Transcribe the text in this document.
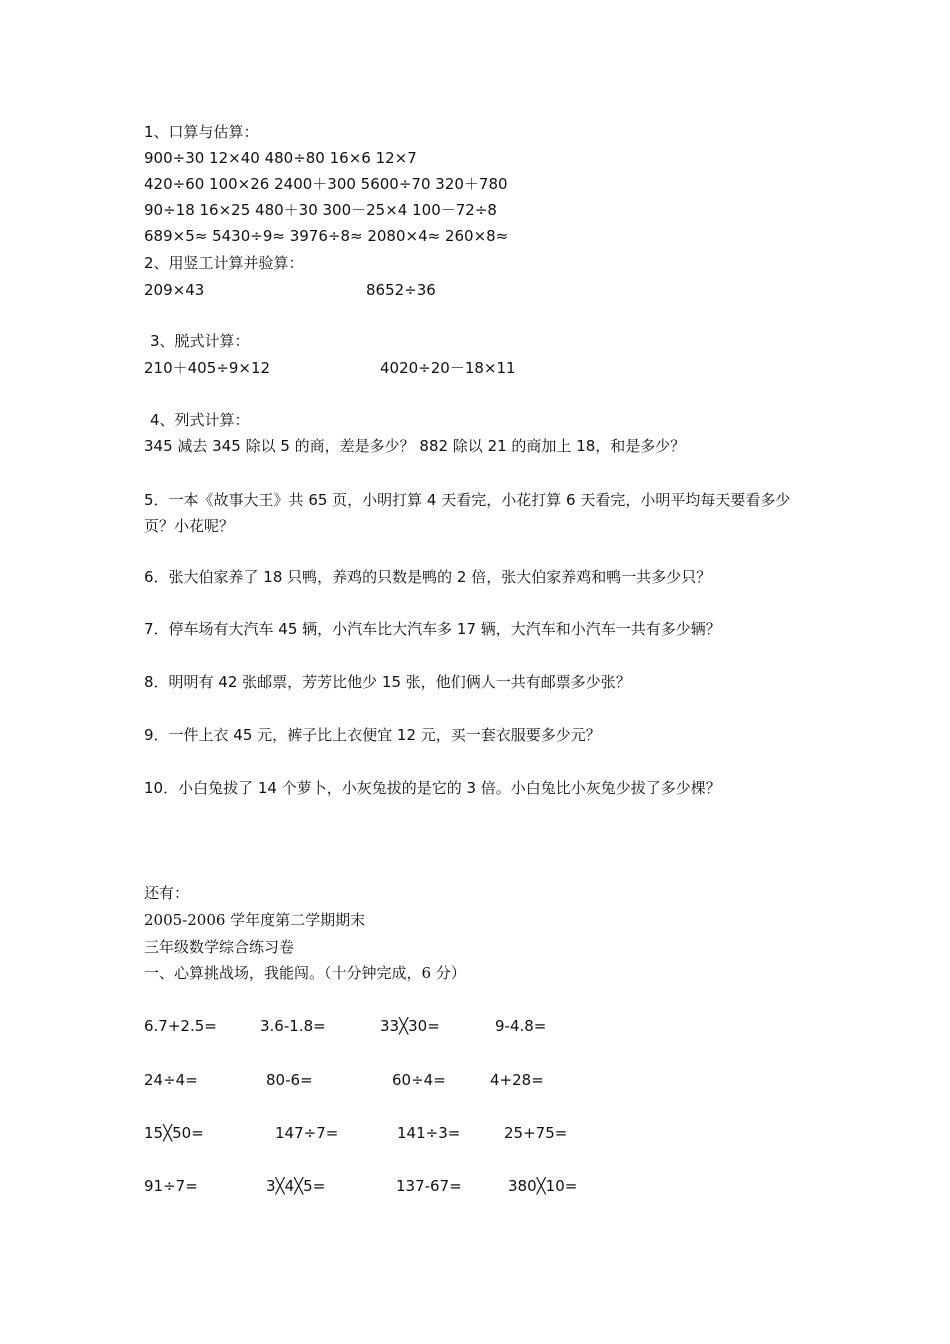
1、口算与估算：
900÷30 12×40 480÷80 16×6 12×7
420÷60 100×26 2400＋300 5600÷70 320＋780
90÷18 16×25 480＋30 300－25×4 100－72÷8
689×5≈ 5430÷9≈ 3976÷8≈ 2080×4≈ 260×8≈
2、用竖工计算并验算：
209×43	8652÷36
3、脱式计算：
210＋405÷9×12	4020÷20－18×11
4、列式计算：
345 减去 345 除以 5 的商，差是多少？ 882 除以 21 的商加上 18，和是多少？
5．一本《故事大王》共 65 页，小明打算 4 天看完，小花打算 6 天看完，小明平均每天要看多少页？小花呢？
6．张大伯家养了 18 只鸭，养鸡的只数是鸭的 2 倍，张大伯家养鸡和鸭一共多少只？
7．停车场有大汽车 45 辆，小汽车比大汽车多 17 辆，大汽车和小汽车一共有多少辆？
8．明明有 42 张邮票，芳芳比他少 15 张，他们俩人一共有邮票多少张？
9．一件上衣 45 元，裤子比上衣便宜 12 元，买一套衣服要多少元？
10．小白兔拔了 14 个萝卜，小灰兔拔的是它的 3 倍。小白兔比小灰兔少拔了多少棵？
还有：
2005-2006 学年度第二学期期末
三年级数学综合练习卷
一、心算挑战场，我能闯。（十分钟完成，6 分）
6.7+2.5=	3.6-1.8=	33╳30=	9-4.8=
24÷4=	80-6=	60÷4=	4+28=
15╳50=	147÷7=	141÷3=	25+75=
91÷7=	3╳4╳5=	137-67=	380╳10=
